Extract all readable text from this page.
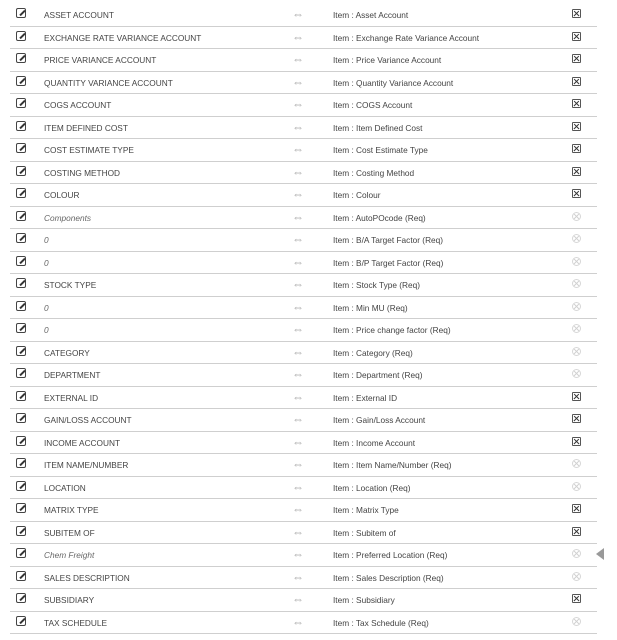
ASSET ACCOUNT	⇔	Item : Asset Account
EXCHANGE RATE VARIANCE ACCOUNT	⇔	Item : Exchange Rate Variance Account
PRICE VARIANCE ACCOUNT	⇔	Item : Price Variance Account
QUANTITY VARIANCE ACCOUNT	⇔	Item : Quantity Variance Account
COGS ACCOUNT	⇔	Item : COGS Account
ITEM DEFINED COST	⇔	Item : Item Defined Cost
COST ESTIMATE TYPE	⇔	Item : Cost Estimate Type
COSTING METHOD	⇔	Item : Costing Method
COLOUR	⇔	Item : Colour
Components	⇔	Item : AutoPOcode (Req)
0	⇔	Item : B/A Target Factor (Req)
0	⇔	Item : B/P Target Factor (Req)
STOCK TYPE	⇔	Item : Stock Type (Req)
0	⇔	Item : Min MU (Req)
0	⇔	Item : Price change factor (Req)
CATEGORY	⇔	Item : Category (Req)
DEPARTMENT	⇔	Item : Department (Req)
EXTERNAL ID	⇔	Item : External ID
GAIN/LOSS ACCOUNT	⇔	Item : Gain/Loss Account
INCOME ACCOUNT	⇔	Item : Income Account
ITEM NAME/NUMBER	⇔	Item : Item Name/Number (Req)
LOCATION	⇔	Item : Location (Req)
MATRIX TYPE	⇔	Item : Matrix Type
SUBITEM OF	⇔	Item : Subitem of
Chem Freight	⇔	Item : Preferred Location (Req)
SALES DESCRIPTION	⇔	Item : Sales Description (Req)
SUBSIDIARY	⇔	Item : Subsidiary
TAX SCHEDULE	⇔	Item : Tax Schedule (Req)
